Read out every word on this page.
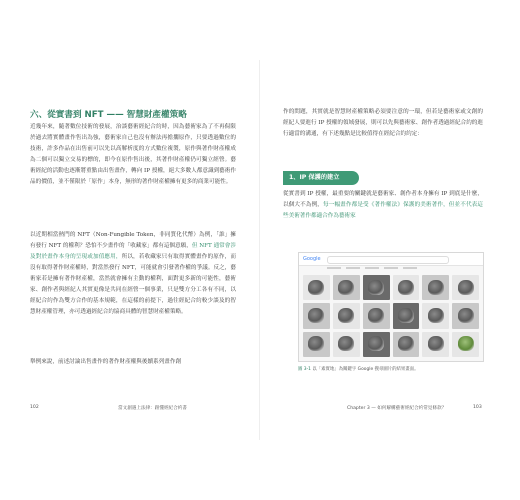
六、從實書到 NFT —— 智慧財產權策略
近幾年來，隨著數位技術的發展，治談藝術經紀合約時，因為藝術家為了不再侷限於過去將實體畫作售出為強，藝術家自己也沒有辦法再擔擱原作，只要透過數位的技術，許多作品在出售前可以先以高解析度的方式數位複製，原作與著作財產權成為二個可以獨立交易的標的，即今在原作售出後，其著作財產權仍可獨立經營。藝術經紀的活動也逐漸將重點由出售畫作，轉向 IP 授權，絕大多數人都意識到藝術作品的價值，並不僅限於「原作」本身，無形的著作財產權擁有更多的商業可能性。
以近期相當熱門的 NFT（Non-Fungible Token，非同質化代幣）為例，「誰」擁有發行 NFT 的權利？恐怕不少畫作的「收藏家」都有這個意願，但 NFT 通常會涉及對於畫作本身的呈現或加值應用，所以，若收藏家只有取得實體畫作的原作，而沒有取得著作財產權時，對當然發行 NFT，可能就會引發著作權的爭議。反之，藝術家若是擁有著作財產權，當然就會擁有主動的權利，面對更多新的可能性，藝術家、創作者與經紀人其實更像是共同在經營一個事業，只是雙方分工各有不同，以經紀合約作為雙方合作的基本規範，在這樣的前提下，過往經紀合約較少談及的智慧財產權管理，亦可透過經紀合約協商具體的智慧財產權策略。
舉例來說，前述討論出售畫作的著作財產權與後續系列畫作創
102	當文創遇上法律：跟懂經紀合約書
作的問題，其實就是智慧財產權策略必須要注意的一環，但若是藝術家或文創的經紀人要進行 IP 授權的領域發展，則可以先與藝術家、創作者透過經紀合約的進行適當的溝通，有下述幾點是比較值得在經紀合約約定：
1、IP 保護的建立
從實書到 IP 授權，最重要的關鍵就是藝術家、創作者本身擁有 IP 到底是什麼，以個大不為例，每一幅畫作都是受《著作權法》保護的美術著作，但並不代表這些美術著作都適合作為藝術家
Google
圖 3-1 以「素實地」為關鍵字 Google 搜尋圖片的結果畫面。
Chapter 3 — 如何解構藝術經紀合約常見條款？	103
